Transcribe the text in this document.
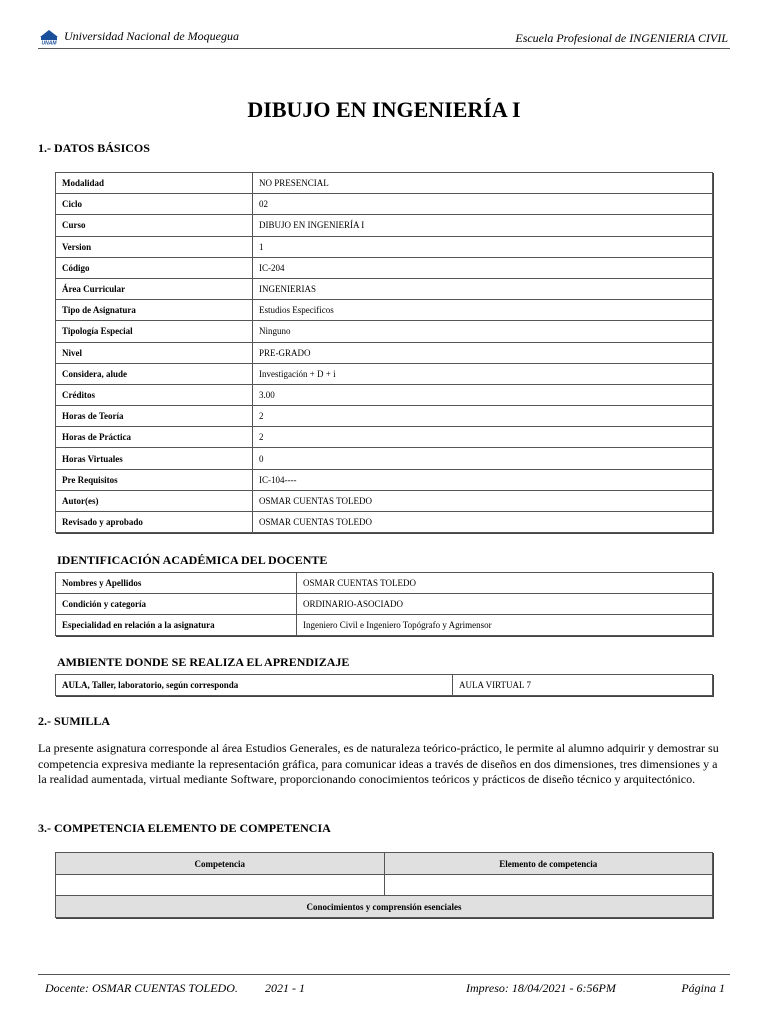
UNAM
Universidad Nacional de Moquegua	Escuela Profesional de INGENIERIA CIVIL
DIBUJO EN INGENIERÍA I
1.- DATOS BÁSICOS
Modalidad	NO PRESENCIAL
Ciclo	02
Curso	DIBUJO EN INGENIERÍA I
Version	1
Código	IC-204
Área Curricular	INGENIERIAS
Tipo de Asignatura	Estudios Especificos
Tipología Especial	Ninguno
Nivel	PRE-GRADO
Considera, alude	Investigación + D + i
Créditos	3.00
Horas de Teoría	2
Horas de Práctica	2
Horas Virtuales	0
Pre Requisitos	IC-104----
Autor(es)	OSMAR CUENTAS TOLEDO
Revisado y aprobado	OSMAR CUENTAS TOLEDO
IDENTIFICACIÓN ACADÉMICA DEL DOCENTE
Nombres y Apellidos	OSMAR CUENTAS TOLEDO
Condición y categoría	ORDINARIO-ASOCIADO
Especialidad en relación a la asignatura	Ingeniero Civil e Ingeniero Topógrafo y Agrimensor
AMBIENTE DONDE SE REALIZA EL APRENDIZAJE
AULA, Taller, laboratorio, según corresponda	AULA VIRTUAL 7
2.- SUMILLA
La presente asignatura corresponde al área Estudios Generales, es de naturaleza teórico-práctico, le permite al alumno adquirir y demostrar su competencia expresiva mediante la representación gráfica, para comunicar ideas a través de diseños en dos dimensiones, tres dimensiones y a la realidad aumentada, virtual mediante Software, proporcionando conocimientos teóricos y prácticos de diseño técnico y arquitectónico.
3.- COMPETENCIA ELEMENTO DE COMPETENCIA
Competencia	Elemento de competencia

Conocimientos y comprensión esenciales	
Docente: OSMAR CUENTAS TOLEDO. 2021 - 1	Impreso: 18/04/2021 - 6:56PM	Página 1
